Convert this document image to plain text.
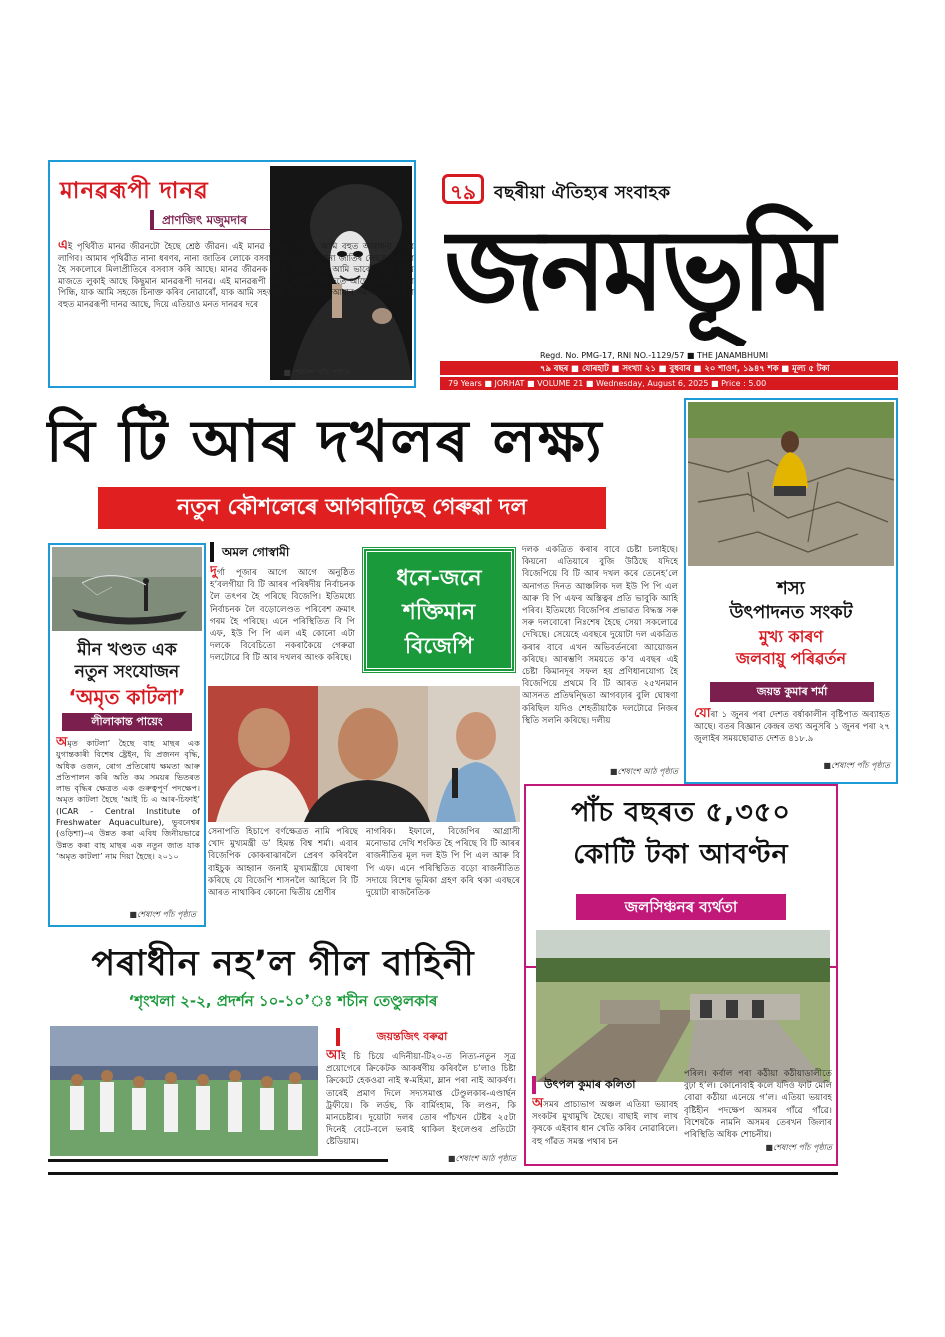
মানৱৰূপী দানৱ
প্ৰাণজিৎ মজুমদাৰ
এই পৃথিবীত মানৱ জীৱনটো হৈছে শ্ৰেষ্ঠ জীৱন। এই মানৱ জীৱন পাবলৈ আমি বহুত আৰাধনা কৰিব লাগিব। আমাৰ পৃথিৱীত নানা ধৰণৰ, নানা জাতিৰ লোকে বসবাস কৰি আছে, নানা জাতিৰ লোকে একলগ হৈ সকলোৰে মিলাপ্ৰীতিৰে বসবাস কৰি আছে। মানৱ জীৱনক শ্ৰেষ্ঠ জীৱন বুলি আমি ভাবোঁ, কিন্তু ইয়াৰ মাজতে লুকাই আছে কিছুমান মানৱৰূপী দানৱ। এই মানৱৰূপী দানৱ আমাৰ সমাজতে আছে ভদ্ৰতাৰ মুখা পিন্ধি, যাক আমি সহজে চিনাক্ত কৰিব নোৱাৰোঁ, যাক আমি সহজতে চিনি নাপাওঁ। আমাৰ সমাজত এনেকুৱা বহুত মানৱৰূপী দানৱ আছে, দিয়ে এতিয়াও মনত দানৱৰ দৰে
■ শেষাংশ পাঁচ পৃষ্ঠাত
৭৯	বছৰীয়া ঐতিহ্যৰ সংবাহক
জনমভূমি
Regd. No. PMG-17, RNI NO.-1129/57 ■ THE JANAMBHUMI
৭৯ বছৰ ■ যোৰহাট ■ সংখ্যা ২১ ■ বুধবাৰ ■ ২০ শাওণ, ১৯৪৭ শক ■ মূল্য ৫ টকা
79 Years ■ JORHAT ■ VOLUME 21 ■ Wednesday, August 6, 2025 ■ Price : 5.00
বি টি আৰ দখলৰ লক্ষ্য
নতুন কৌশলেৰে আগবাঢ়িছে গেৰুৱা দল
মীন খণ্ডত এক
নতুন সংযোজন
‘অমৃত কাটলা’
লীলাকান্ত পায়েং
অমৃত কাটলা’ হৈছে বাহ মাছৰ এক যুগান্তকাৰী বিশেষ ষ্ট্ৰেইন, যি প্ৰজনন বৃদ্ধি, অধিক ওজন, ৰোগ প্ৰতিৰোধ ক্ষমতা আৰু প্ৰতিপালন কৰি অতি কম সময়ৰ ভিতৰত লাভ বৃদ্ধিৰ ক্ষেত্ৰত এক গুৰুত্বপূৰ্ণ পদক্ষেপ। অমৃত কাটলা হৈছে ‘আই চি এ আৰ-চিফাই’ (ICAR - Central Institute of Freshwater Aquaculture), ভুবনেশ্বৰ (ওড়িশা)–এ উন্নত কৰা এবিধ জিনীয়ভাৱে উন্নত কৰা বাহ মাছৰ এক নতুন জাত যাক ‘অমৃত কাটলা’ নাম দিয়া হৈছে। ২০১০
■ শেষাংশ পাঁচ পৃষ্ঠাত
অমল গোস্বামী
দুৰ্গা পূজাৰ আগে আগে অনুষ্ঠিত হ’বলগীয়া বি টি আৰৰ পৰিষদীয় নিৰ্বাচনক লৈ তৎপৰ হৈ পৰিছে বিজেপি। ইতিমধ্যে নিৰ্বাচনক লৈ বড়োলেণ্ডত পৰিবেশ ক্ৰমাৎ গৰম হৈ পৰিছে। এনে পৰিস্থিতিত বি পি এফ, ইউ পি পি এল এই কোনো এটা দলকে বিবেচিতো নকৰাকৈয়ে গেৰুৱা দলটোৱে বি টি আৰ দখলৰ আংক কৰিছে।
ধনে-জনে
শক্তিমান
বিজেপি
দলক একত্ৰিত কৰাৰ বাবে চেষ্টা চলাইছে। কিয়নো এতিয়াৰে বুজি উঠিছে যদিহে বিজেপিয়ে বি টি আৰ দখল কৰে তেনেহ’লে অনাগত দিনত আঞ্চলিক দল ইউ পি পি এল আৰু বি পি এফৰ অস্তিত্বৰ প্ৰতি ভাবুকি আহি পৰিব। ইতিমধ্যে বিজেপিৰ প্ৰভাৱত বিদ্ধস্ত সৰু সৰু দলবোৰো নিঃশেষ হৈছে সেয়া সকলোৱে দেখিছে। সেয়েহে এবছৰে দুয়োটা দল একত্ৰিত কৰাৰ বাবে এখন অভিবৰ্তনৰো আয়োজন কৰিছে। আৰম্ভণি সময়তে ক’ব এবছৰ এই চেষ্টা কিমানদূৰ সফল হয় প্ৰণিধানযোগ্য হৈ বিজেপিয়ে প্ৰথমে বি টি আৰত ২৫খনমান আসনত প্ৰতিদ্বন্দ্বিতা আগবঢ়াৰ বুলি ঘোষণা কৰিছিল যদিও শেহতীয়াকৈ দলটোৱে নিজৰ স্থিতি সলনি কৰিছে। দলীয়
■ শেষাংশ আঠ পৃষ্ঠাত
সেনাপতি হিচাপে বৰ্ণক্ষেত্ৰত নামি পৰিছে খোদ মুখ্যমন্ত্ৰী ড’ হিমন্ত বিশ্ব শৰ্মা। এবাৰ বিজেপিক কোকৰাঝাৰলৈ প্ৰেৰণ কৰিবলৈ বাইচুক আহ্বান জনাই মুখ্যমন্ত্ৰীয়ে ঘোষণা কৰিছে যে বিজেপি শাসনলৈ আহিলে বি টি আৰত নাথাকিব কোনো দ্বিতীয় শ্ৰেণীৰ
নাগৰিক। ইফালে, বিজেপিৰ আগ্ৰাসী মনোভাৱ দেখি শংকিত হৈ পৰিছে বি টি আৰৰ ৰাজনীতিৰ মূল দল ইউ পি পি এল আৰু বি পি এফ। এনে পৰিস্থিতিত বড়ো ৰাজনীতিত সদায়ে বিশেষ ভূমিকা গ্ৰহণ কৰি থকা এবছৰে দুয়োটা ৰাজনৈতিক
শস্য
উৎপাদনত সংকট
মুখ্য কাৰণ
জলবায়ু পৰিৱৰ্তন
জয়ন্ত কুমাৰ শৰ্মা
যোৰা ১ জুনৰ পৰা দেশত বৰ্ষাকালীন বৃষ্টিপাত অব্যাহত আছে। বতৰ বিজ্ঞান কেন্দ্ৰৰ তথ্য অনুসৰি ১ জুনৰ পৰা ২৭ জুলাইৰ সময়ছোৱাত দেশত ৪১৮.৯
■ শেষাংশ পাঁচ পৃষ্ঠাত
পাঁচ বছৰত ৫,৩৫০
কোটি টকা আবণ্টন
জলসিঞ্চনৰ ব্যৰ্থতা
উৎপল কুমাৰ কলিতা
অসমৰ প্ৰাচ্যভাগ অঞ্চল এতিয়া ভয়াবহ সংকটৰ মুখামুখি হৈছে। বাছাই লাখ লাখ কৃষকে এইবাৰ ধান খেতি কৰিব নোৱাৰিলে। বহু গাঁৱত সমস্ত পথাৰ চন
পৰিল। কৰ্বাল পৰা কঠীয়া কঠীয়াডালীতে বুঢ়া হ’ল। কোনোবাই কলে যদিও ফাট মেলি বোৱা কঠীয়া এনেয়ে গ’ল। এতিয়া ভয়াবহ বৃষ্টিহীন পদক্ষেপ অসমৰ গাঁৱে গাঁৱে। বিশেষকৈ নামনি অসমৰ তেৰখন জিলাৰ পৰিস্থিতি অধিক শোচনীয়।
■ শেষাংশ পাঁচ পৃষ্ঠাত
পৰাধীন নহ’ল গীল বাহিনী
‘শৃংখলা ২-২, প্ৰদৰ্শন ১০-১০’ঃ শচীন তেণ্ডুলকাৰ
জয়ন্তজিৎ বৰুৱা
আই চি চিয়ে এদিনীয়া-টি২০-ত নিত্য-নতুন সূত্ৰ প্ৰয়োগেৰে ক্ৰিকেটক আকৰ্ষণীয় কৰিবলৈ চ’লাও চিষ্টা ক্ৰিকেটে হেকওৱা নাই স্ব-মহিমা, ম্লান পৰা নাই আকৰ্ষণ। তাৰেই প্ৰমাণ দিলে সদ্যসমাপ্ত টেণ্ডুলকাৰ-এণ্ডাৰ্ছন ট্ৰফীয়ে। কি লৰ্ডছ, কি বাৰ্মিংহাম, কি লণ্ডন, কি মানচেষ্টাৰ। দুয়োটা দলৰ তোৰ পাঁচখন টেষ্টৰ ২৫টা দিনেই বেটে-বলে ভৰাই থাকিল ইংলেণ্ডৰ প্ৰতিটো ষ্টেডিয়াম।
■ শেষাংশ আঠ পৃষ্ঠাত
